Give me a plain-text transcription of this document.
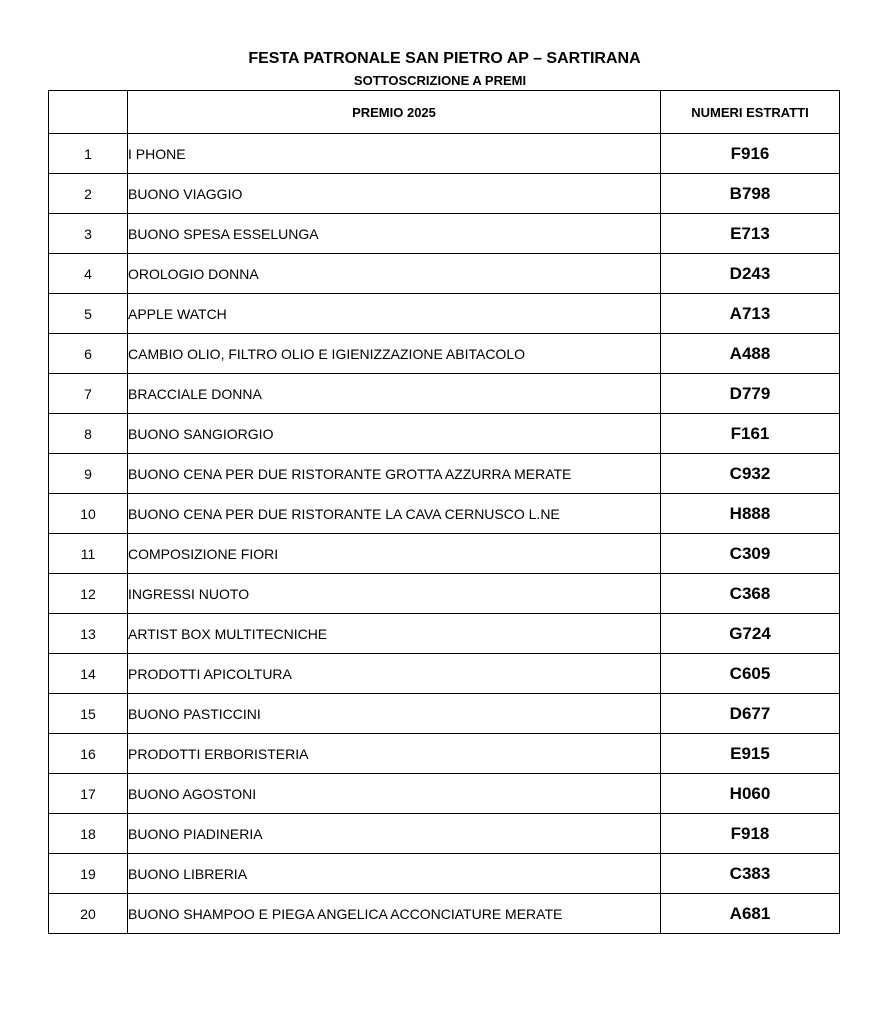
FESTA PATRONALE SAN PIETRO AP – SARTIRANA
SOTTOSCRIZIONE A PREMI
	PREMIO 2025	NUMERI ESTRATTI
1	I PHONE	F916
2	BUONO VIAGGIO	B798
3	BUONO SPESA ESSELUNGA	E713
4	OROLOGIO DONNA	D243
5	APPLE WATCH	A713
6	CAMBIO OLIO, FILTRO OLIO E IGIENIZZAZIONE ABITACOLO	A488
7	BRACCIALE DONNA	D779
8	BUONO SANGIORGIO	F161
9	BUONO CENA PER DUE RISTORANTE GROTTA AZZURRA MERATE	C932
10	BUONO CENA PER DUE RISTORANTE LA CAVA CERNUSCO L.NE	H888
11	COMPOSIZIONE FIORI	C309
12	INGRESSI NUOTO	C368
13	ARTIST BOX MULTITECNICHE	G724
14	PRODOTTI APICOLTURA	C605
15	BUONO PASTICCINI	D677
16	PRODOTTI ERBORISTERIA	E915
17	BUONO AGOSTONI	H060
18	BUONO PIADINERIA	F918
19	BUONO LIBRERIA	C383
20	BUONO SHAMPOO E PIEGA ANGELICA ACCONCIATURE MERATE	A681
